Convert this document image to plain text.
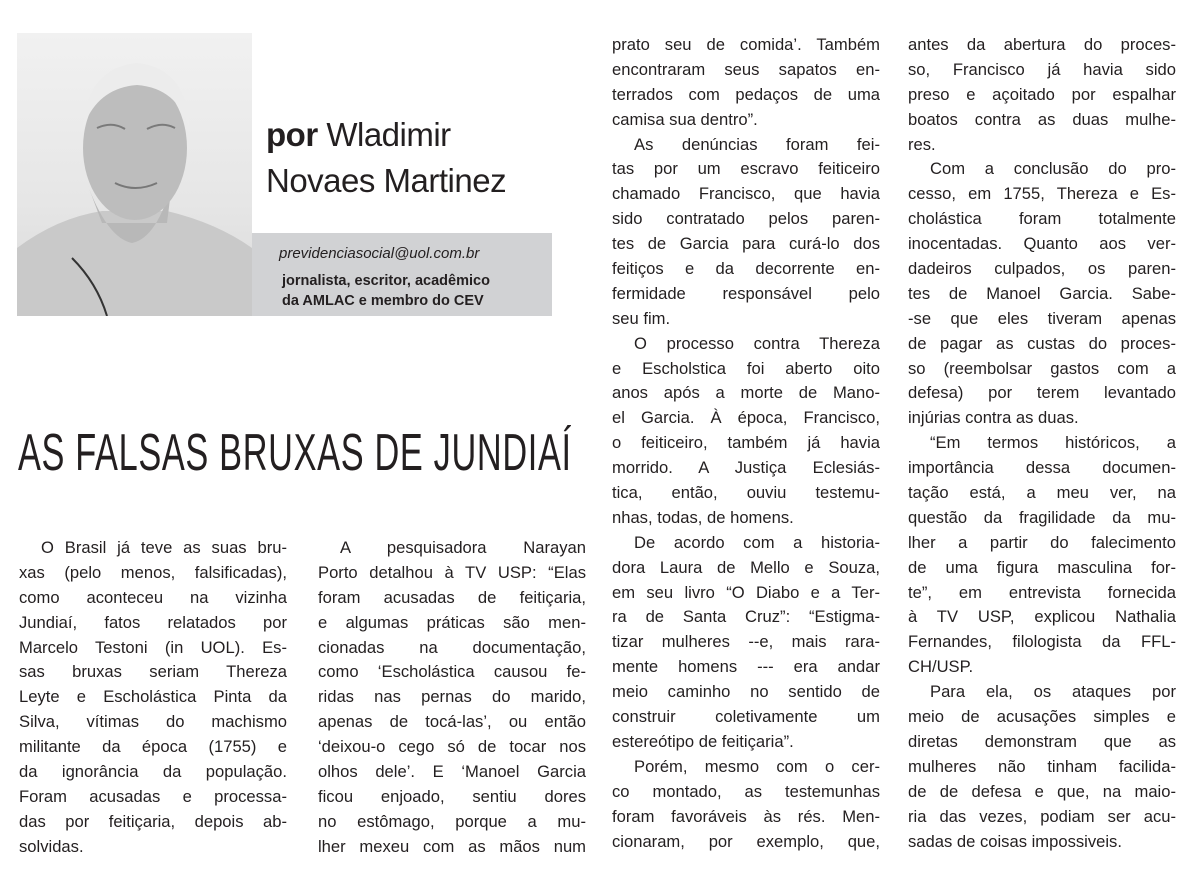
por Wladimir
Novaes Martinez
previdenciasocial@uol.com.br
jornalista, escritor, acadêmico
da AMLAC e membro do CEV
AS FALSAS BRUXAS DE JUNDIAÍ
O Brasil já teve as suas bru-
xas (pelo menos, falsificadas),
como aconteceu na vizinha
Jundiaí, fatos relatados por
Marcelo Testoni (in UOL). Es-
sas bruxas seriam Thereza
Leyte e Escholástica Pinta da
Silva, vítimas do machismo
militante da época (1755) e
da ignorância da população.
Foram acusadas e processa-
das por feitiçaria, depois ab-
solvidas.
A pesquisadora Narayan
Porto detalhou à TV USP: “Elas
foram acusadas de feitiçaria,
e algumas práticas são men-
cionadas na documentação,
como ‘Escholástica causou fe-
ridas nas pernas do marido,
apenas de tocá-las’, ou então
‘deixou-o cego só de tocar nos
olhos dele’. E ‘Manoel Garcia
ficou enjoado, sentiu dores
no estômago, porque a mu-
lher mexeu com as mãos num
prato seu de comida’. Também
encontraram seus sapatos en-
terrados com pedaços de uma
camisa sua dentro”.
As denúncias foram fei-
tas por um escravo feiticeiro
chamado Francisco, que havia
sido contratado pelos paren-
tes de Garcia para curá-lo dos
feitiços e da decorrente en-
fermidade responsável pelo
seu fim.
O processo contra Thereza
e Escholstica foi aberto oito
anos após a morte de Mano-
el Garcia. À época, Francisco,
o feiticeiro, também já havia
morrido. A Justiça Eclesiás-
tica, então, ouviu testemu-
nhas, todas, de homens.
De acordo com a historia-
dora Laura de Mello e Souza,
em seu livro “O Diabo e a Ter-
ra de Santa Cruz”: “Estigma-
tizar mulheres --e, mais rara-
mente homens --- era andar
meio caminho no sentido de
construir coletivamente um
estereótipo de feitiçaria”.
Porém, mesmo com o cer-
co montado, as testemunhas
foram favoráveis às rés. Men-
cionaram, por exemplo, que,
antes da abertura do proces-
so, Francisco já havia sido
preso e açoitado por espalhar
boatos contra as duas mulhe-
res.
Com a conclusão do pro-
cesso, em 1755, Thereza e Es-
cholástica foram totalmente
inocentadas. Quanto aos ver-
dadeiros culpados, os paren-
tes de Manoel Garcia. Sabe-
-se que eles tiveram apenas
de pagar as custas do proces-
so (reembolsar gastos com a
defesa) por terem levantado
injúrias contra as duas.
“Em termos históricos, a
importância dessa documen-
tação está, a meu ver, na
questão da fragilidade da mu-
lher a partir do falecimento
de uma figura masculina for-
te”, em entrevista fornecida
à TV USP, explicou Nathalia
Fernandes, filologista da FFL-
CH/USP.
Para ela, os ataques por
meio de acusações simples e
diretas demonstram que as
mulheres não tinham facilida-
de de defesa e que, na maio-
ria das vezes, podiam ser acu-
sadas de coisas impossiveis.
